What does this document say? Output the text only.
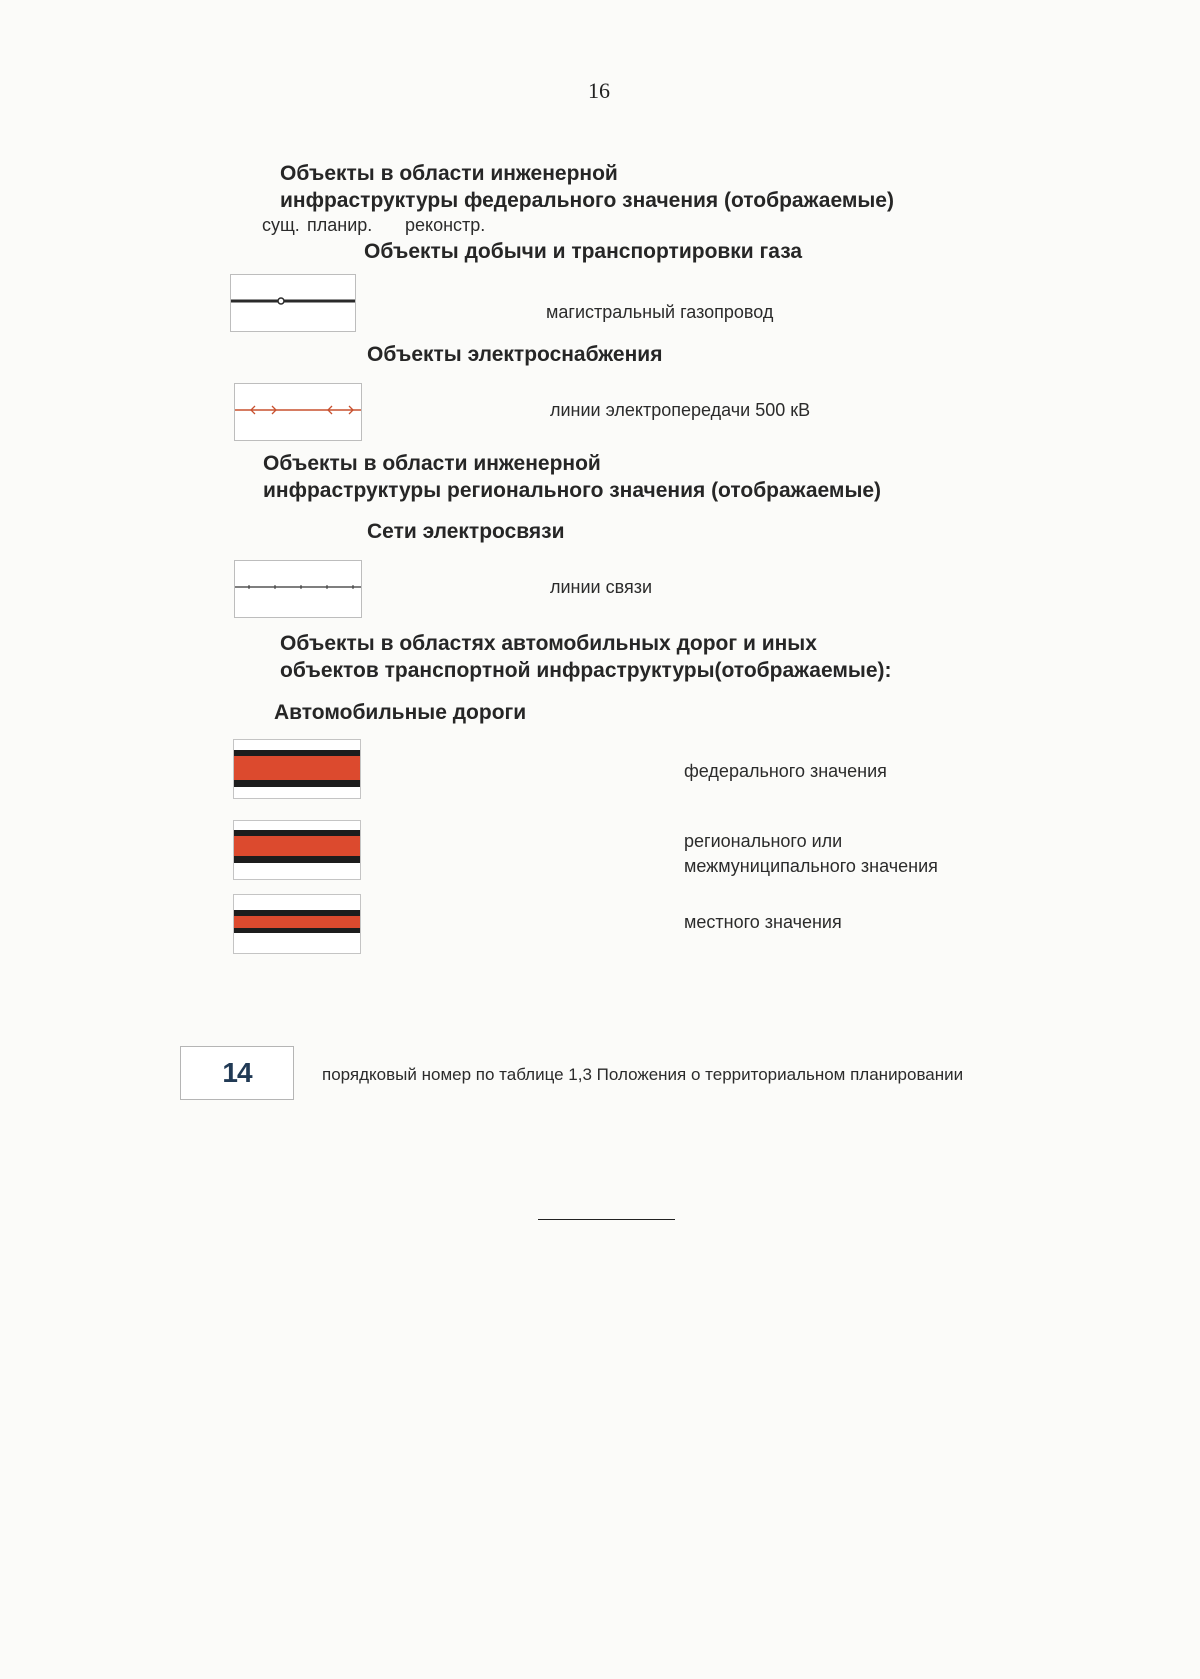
16
Объекты в области инженерной
инфраструктуры федерального значения (отображаемые)
сущ. планир. реконстр.
Объекты добычи и транспортировки газа
магистральный газопровод
Объекты электроснабжения
линии электропередачи 500 кВ
Объекты в области инженерной
инфраструктуры регионального значения (отображаемые)
Сети электросвязи
линии связи
Объекты в областях автомобильных дорог и иных
объектов транспортной инфраструктуры(отображаемые):
Автомобильные дороги
федерального значения
регионального или
межмуниципального значения
местного значения
14	порядковый номер по таблице 1,3 Положения о территориальном планировании
